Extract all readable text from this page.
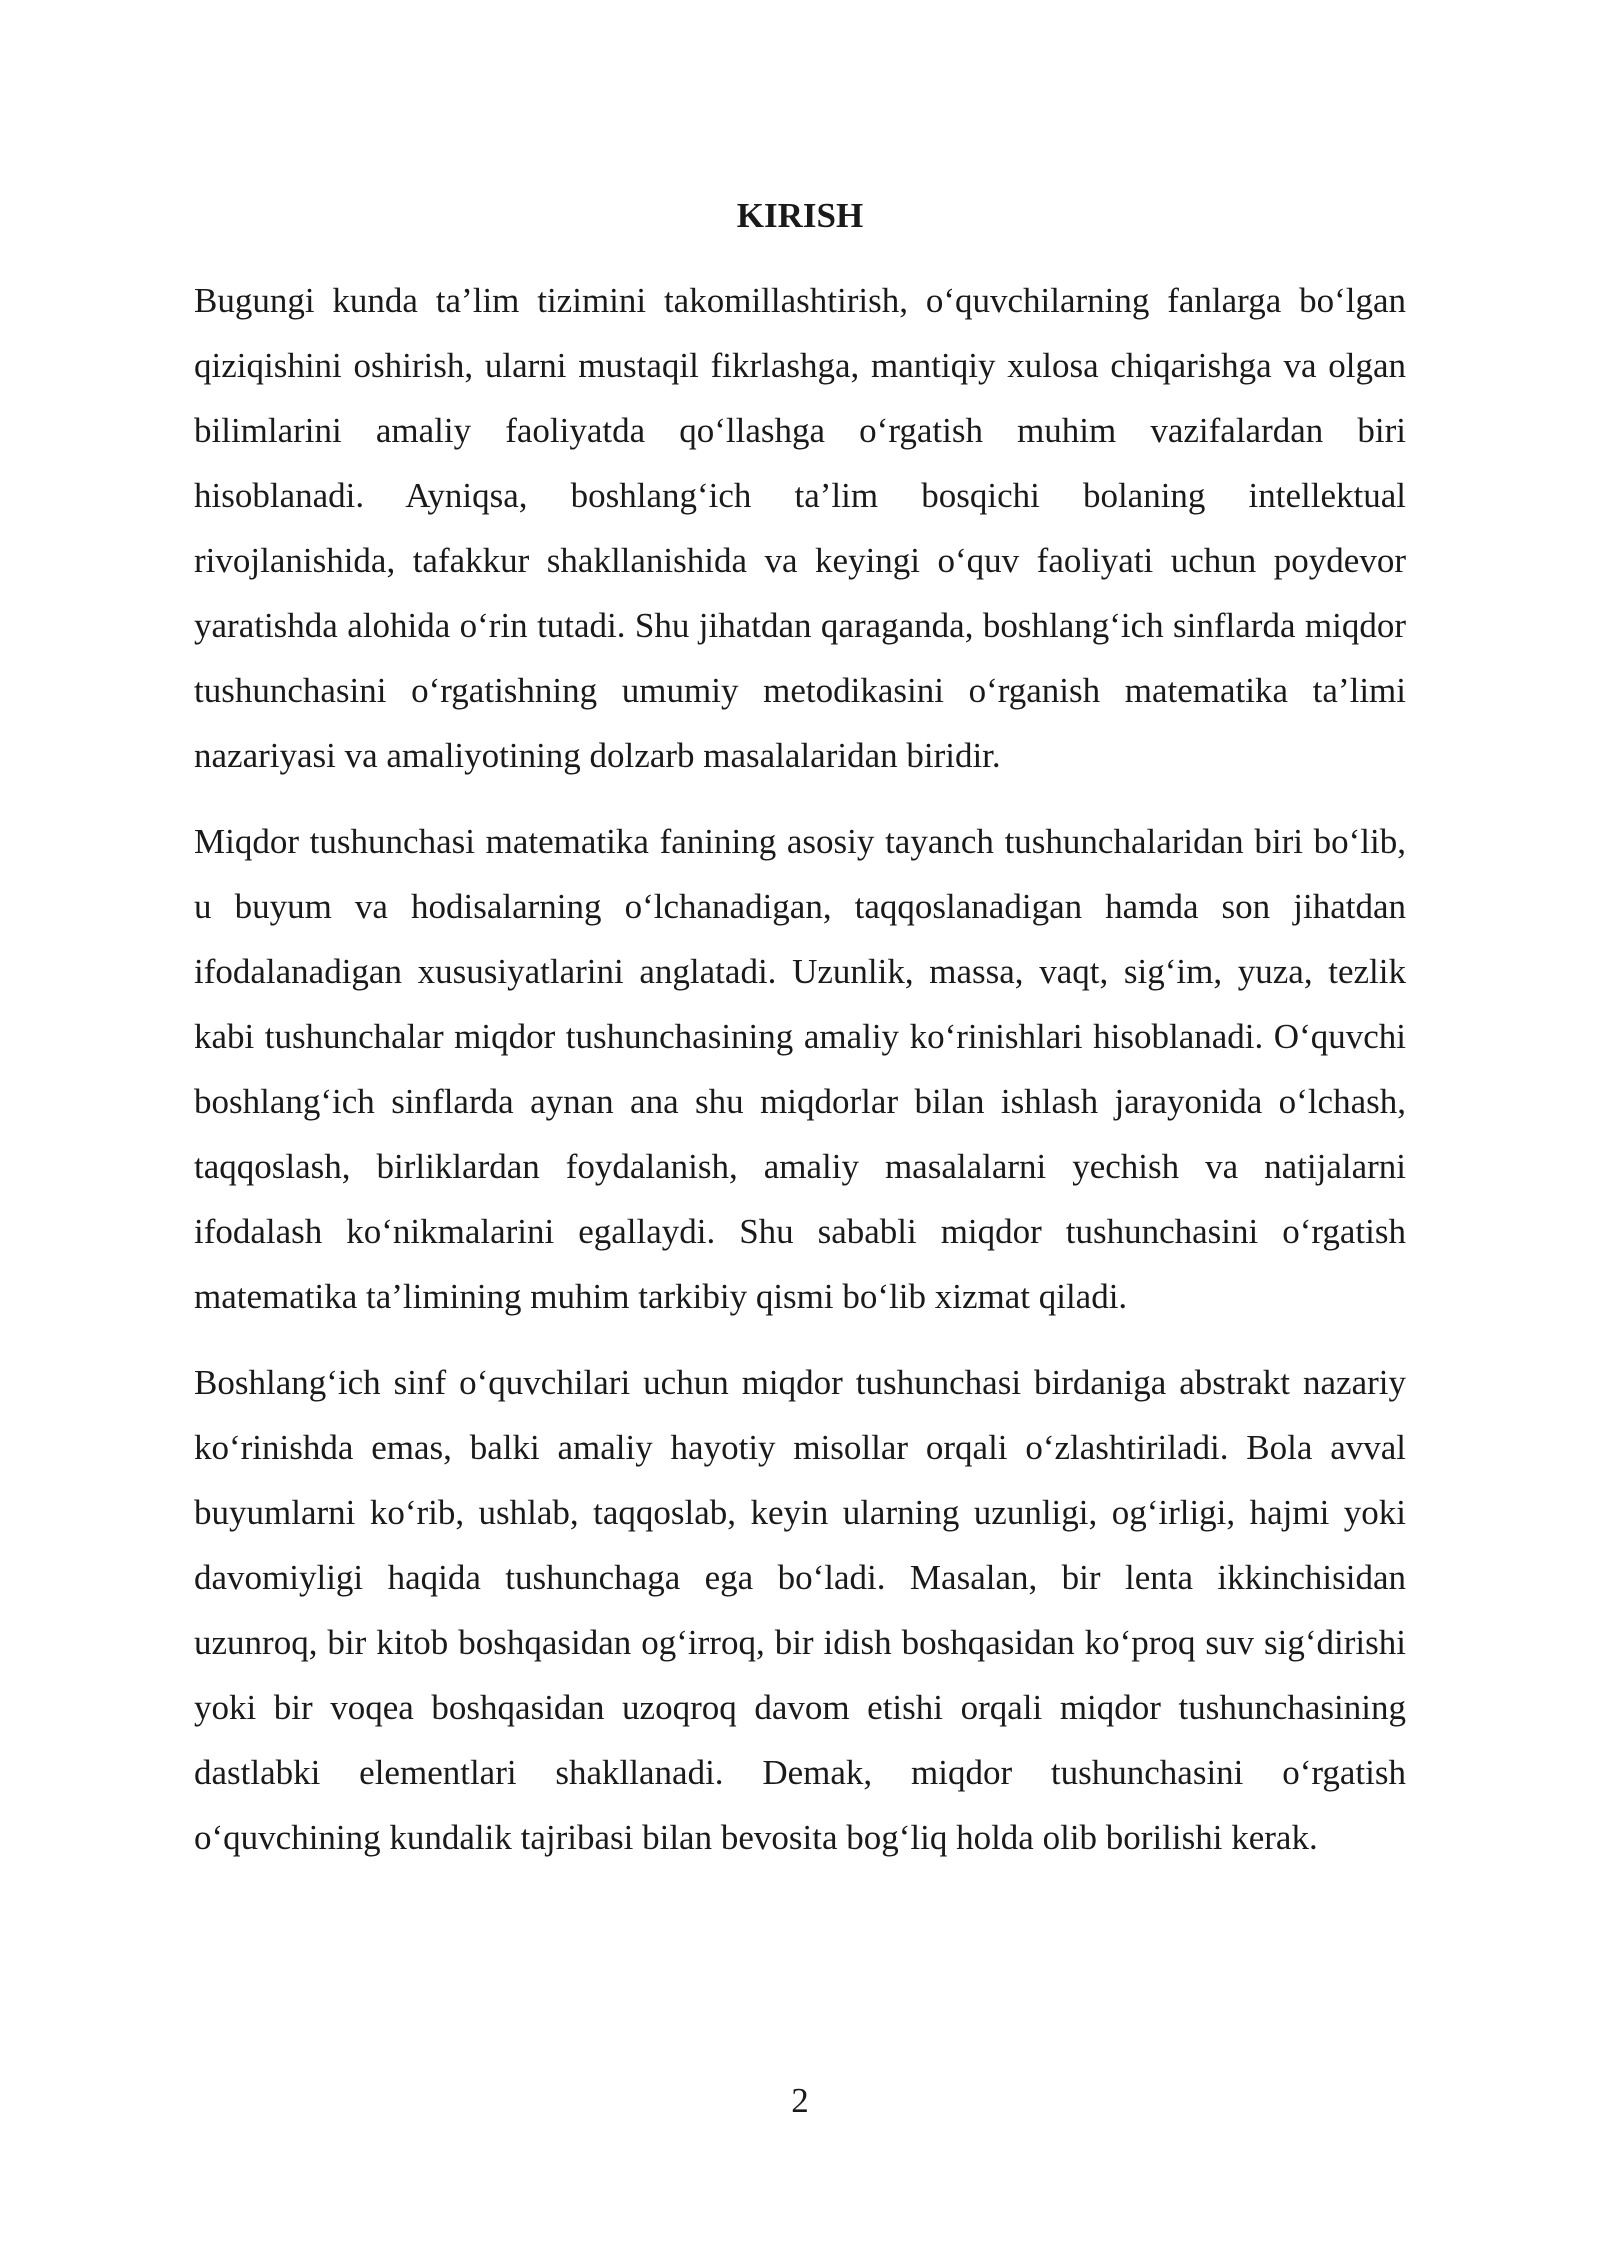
KIRISH

Bugungi kunda ta’lim tizimini takomillashtirish, o‘quvchilarning fanlarga bo‘lgan qiziqishini oshirish, ularni mustaqil fikrlashga, mantiqiy xulosa chiqarishga va olgan bilimlarini amaliy faoliyatda qo‘llashga o‘rgatish muhim vazifalardan biri hisoblanadi. Ayniqsa, boshlang‘ich ta’lim bosqichi bolaning intellektual rivojlanishida, tafakkur shakllanishida va keyingi o‘quv faoliyati uchun poydevor yaratishda alohida o‘rin tutadi. Shu jihatdan qaraganda, boshlang‘ich sinflarda miqdor tushunchasini o‘rgatishning umumiy metodikasini o‘rganish matematika ta’limi nazariyasi va amaliyotining dolzarb masalalaridan biridir.

Miqdor tushunchasi matematika fanining asosiy tayanch tushunchalaridan biri bo‘lib, u buyum va hodisalarning o‘lchanadigan, taqqoslanadigan hamda son jihatdan ifodalanadigan xususiyatlarini anglatadi. Uzunlik, massa, vaqt, sig‘im, yuza, tezlik kabi tushunchalar miqdor tushunchasining amaliy ko‘rinishlari hisoblanadi. O‘quvchi boshlang‘ich sinflarda aynan ana shu miqdorlar bilan ishlash jarayonida o‘lchash, taqqoslash, birliklardan foydalanish, amaliy masalalarni yechish va natijalarni ifodalash ko‘nikmalarini egallaydi. Shu sababli miqdor tushunchasini o‘rgatish matematika ta’limining muhim tarkibiy qismi bo‘lib xizmat qiladi.

Boshlang‘ich sinf o‘quvchilari uchun miqdor tushunchasi birdaniga abstrakt nazariy ko‘rinishda emas, balki amaliy hayotiy misollar orqali o‘zlashtiriladi. Bola avval buyumlarni ko‘rib, ushlab, taqqoslab, keyin ularning uzunligi, og‘irligi, hajmi yoki davomiyligi haqida tushunchaga ega bo‘ladi. Masalan, bir lenta ikkinchisidan uzunroq, bir kitob boshqasidan og‘irroq, bir idish boshqasidan ko‘proq suv sig‘dirishi yoki bir voqea boshqasidan uzoqroq davom etishi orqali miqdor tushunchasining dastlabki elementlari shakllanadi. Demak, miqdor tushunchasini o‘rgatish o‘quvchining kundalik tajribasi bilan bevosita bog‘liq holda olib borilishi kerak.

2
